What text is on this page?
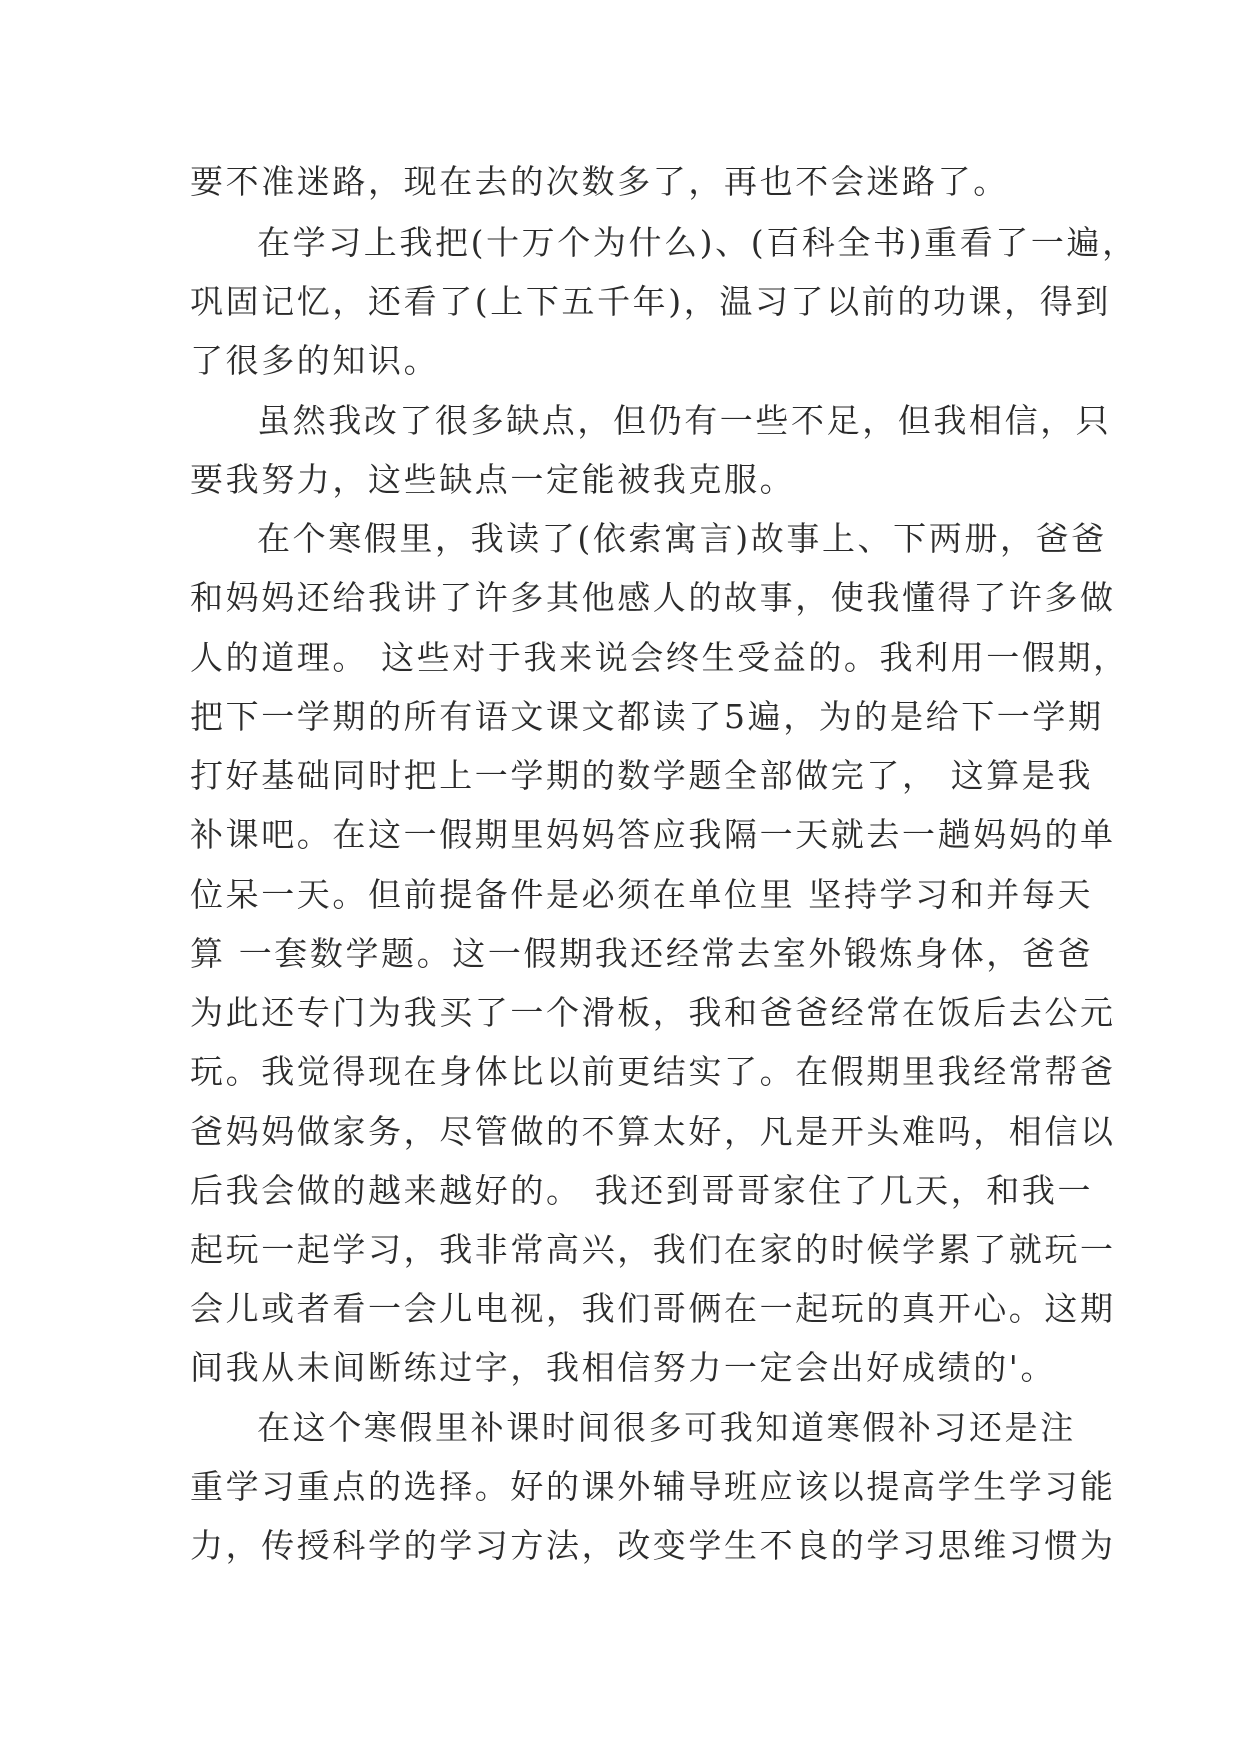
要不准迷路，现在去的次数多了，再也不会迷路了。
在学习上我把(十万个为什么)、(百科全书)重看了一遍，
巩固记忆，还看了(上下五千年)，温习了以前的功课，得到
了很多的知识。
虽然我改了很多缺点，但仍有一些不足，但我相信，只
要我努力，这些缺点一定能被我克服。
在个寒假里，我读了(依索寓言)故事上、下两册，爸爸
和妈妈还给我讲了许多其他感人的故事，使我懂得了许多做
人的道理。 这些对于我来说会终生受益的。我利用一假期，
把下一学期的所有语文课文都读了5遍，为的是给下一学期
打好基础同时把上一学期的数学题全部做完了， 这算是我
补课吧。在这一假期里妈妈答应我隔一天就去一趟妈妈的单
位呆一天。但前提备件是必须在单位里 坚持学习和并每天
算 一套数学题。这一假期我还经常去室外锻炼身体，爸爸
为此还专门为我买了一个滑板，我和爸爸经常在饭后去公元
玩。我觉得现在身体比以前更结实了。在假期里我经常帮爸
爸妈妈做家务，尽管做的不算太好，凡是开头难吗，相信以
后我会做的越来越好的。 我还到哥哥家住了几天，和我一
起玩一起学习，我非常高兴，我们在家的时候学累了就玩一
会儿或者看一会儿电视，我们哥俩在一起玩的真开心。这期
间我从未间断练过字，我相信努力一定会出好成绩的'。
在这个寒假里补课时间很多可我知道寒假补习还是注
重学习重点的选择。好的课外辅导班应该以提高学生学习能
力，传授科学的学习方法，改变学生不良的学习思维习惯为
